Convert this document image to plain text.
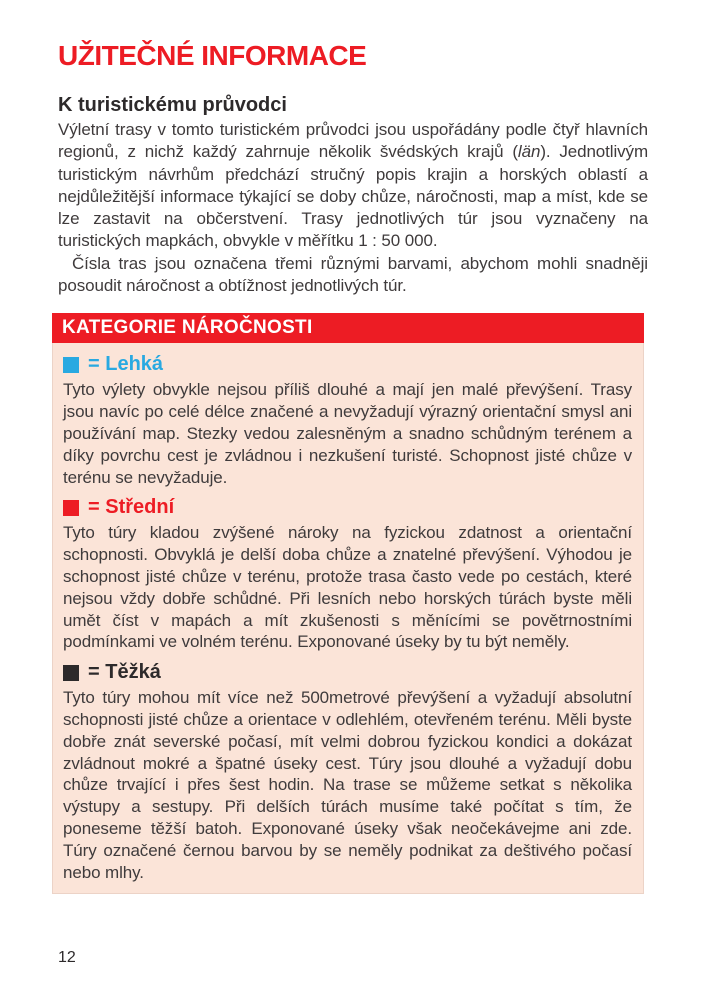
UŽITEČNÉ INFORMACE
K turistickému průvodci

Výletní trasy v tomto turistickém průvodci jsou uspořádány podle čtyř hlavních regionů, z nichž každý zahrnuje několik švédských krajů (län). Jednotlivým turistickým návrhům předchází stručný popis krajin a horských oblastí a nejdůležitější informace týkající se doby chůze, náročnosti, map a míst, kde se lze zastavit na občerstvení. Trasy jednotlivých túr jsou vyznačeny na turistických mapkách, obvykle v měřítku 1 : 50 000.

Čísla tras jsou označena třemi různými barvami, abychom mohli snadněji posoudit náročnost a obtížnost jednotlivých túr.

KATEGORIE NÁROČNOSTI
= Lehká

Tyto výlety obvykle nejsou příliš dlouhé a mají jen malé převýšení. Trasy jsou navíc po celé délce značené a nevyžadují výrazný orientační smysl ani používání map. Stezky vedou zalesněným a snadno schůdným terénem a díky povrchu cest je zvládnou i nezkušení turisté. Schopnost jisté chůze v terénu se nevyžaduje.

= Střední

Tyto túry kladou zvýšené nároky na fyzickou zdatnost a orientační schopnosti. Obvyklá je delší doba chůze a znatelné převýšení. Výhodou je schopnost jisté chůze v terénu, protože trasa často vede po cestách, které nejsou vždy dobře schůdné. Při lesních nebo horských túrách byste měli umět číst v mapách a mít zkušenosti s měnícími se povětrnostními podmínkami ve volném terénu. Exponované úseky by tu být neměly.

= Těžká

Tyto túry mohou mít více než 500metrové převýšení a vyžadují absolutní schopnosti jisté chůze a orientace v odlehlém, otevřeném terénu. Měli byste dobře znát severské počasí, mít velmi dobrou fyzickou kondici a dokázat zvládnout mokré a špatné úseky cest. Túry jsou dlouhé a vyžadují dobu chůze trvající i přes šest hodin. Na trase se můžeme setkat s několika výstupy a sestupy. Při delších túrách musíme také počítat s tím, že poneseme těžší batoh. Exponované úseky však neočekávejme ani zde. Túry označené černou barvou by se neměly podnikat za deštivého počasí nebo mlhy.

12
